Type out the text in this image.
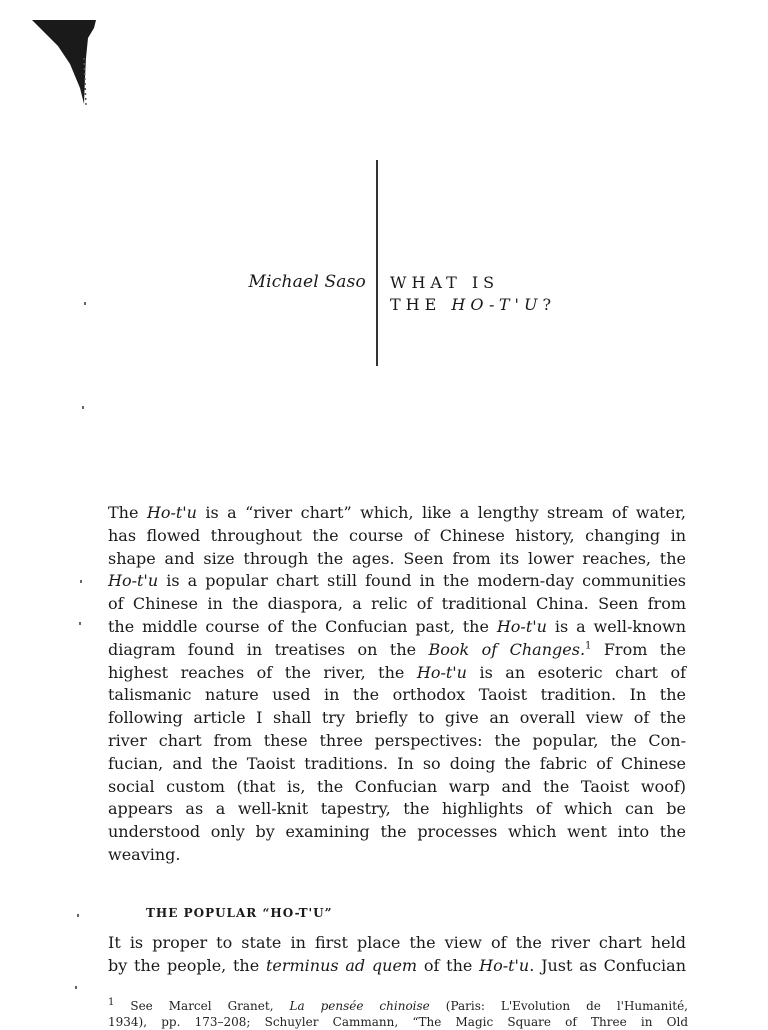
Michael Saso WHAT IS
THE HO-T'U?
The Ho-t'u is a “river chart” which, like a lengthy stream of water,
has flowed throughout the course of Chinese history, changing in
shape and size through the ages. Seen from its lower reaches, the
Ho-t'u is a popular chart still found in the modern-day communities
of Chinese in the diaspora, a relic of traditional China. Seen from
the middle course of the Confucian past, the Ho-t'u is a well-known
diagram found in treatises on the Book of Changes.$^1$ From the
highest reaches of the river, the Ho-t'u is an esoteric chart of
talismanic nature used in the orthodox Taoist tradition. In the
following article I shall try briefly to give an overall view of the
river chart from these three perspectives: the popular, the Con-
fucian, and the Taoist traditions. In so doing the fabric of Chinese
social custom (that is, the Confucian warp and the Taoist woof)
appears as a well-knit tapestry, the highlights of which can be
understood only by examining the processes which went into the
weaving.
THE POPULAR “HO-T'U”
It is proper to state in first place the view of the river chart held
by the people, the terminus ad quem of the Ho-t'u. Just as Confucian
$^1$ See Marcel Granet, La pensée chinoise (Paris: L'Evolution de l'Humanité,
1934), pp. 173–208; Schuyler Cammann, “The Magic Square of Three in Old
